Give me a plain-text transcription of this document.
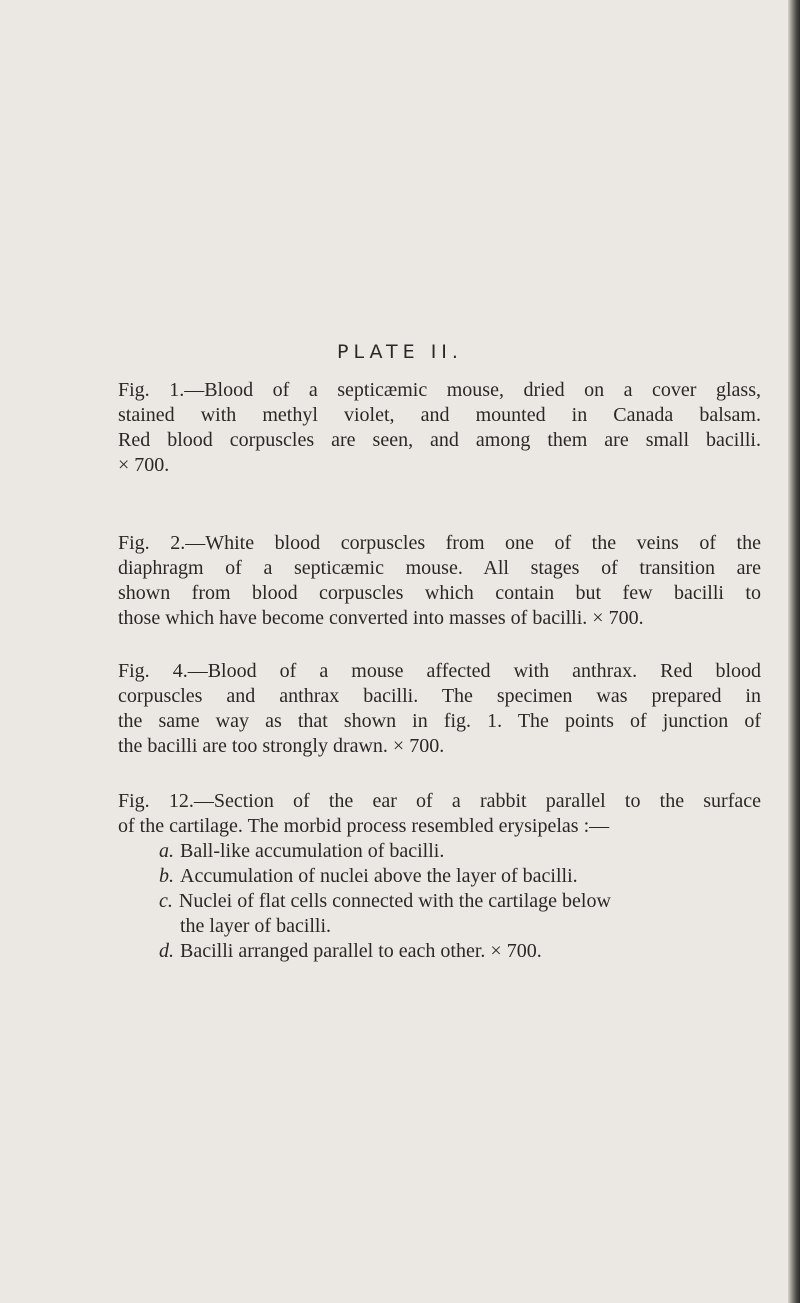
PLATE II.
Fig. 1.—Blood of a septicæmic mouse, dried on a cover glass,
stained with methyl violet, and mounted in Canada balsam.
Red blood corpuscles are seen, and among them are small bacilli.
× 700.
Fig. 2.—White blood corpuscles from one of the veins of the
diaphragm of a septicæmic mouse. All stages of transition are
shown from blood corpuscles which contain but few bacilli to
those which have become converted into masses of bacilli. × 700.
Fig. 4.—Blood of a mouse affected with anthrax. Red blood
corpuscles and anthrax bacilli. The specimen was prepared in
the same way as that shown in fig. 1. The points of junction of
the bacilli are too strongly drawn. × 700.
Fig. 12.—Section of the ear of a rabbit parallel to the surface
of the cartilage. The morbid process resembled erysipelas :—
a. Ball-like accumulation of bacilli.
b. Accumulation of nuclei above the layer of bacilli.
c. Nuclei of flat cells connected with the cartilage below
the layer of bacilli.
d. Bacilli arranged parallel to each other. × 700.
